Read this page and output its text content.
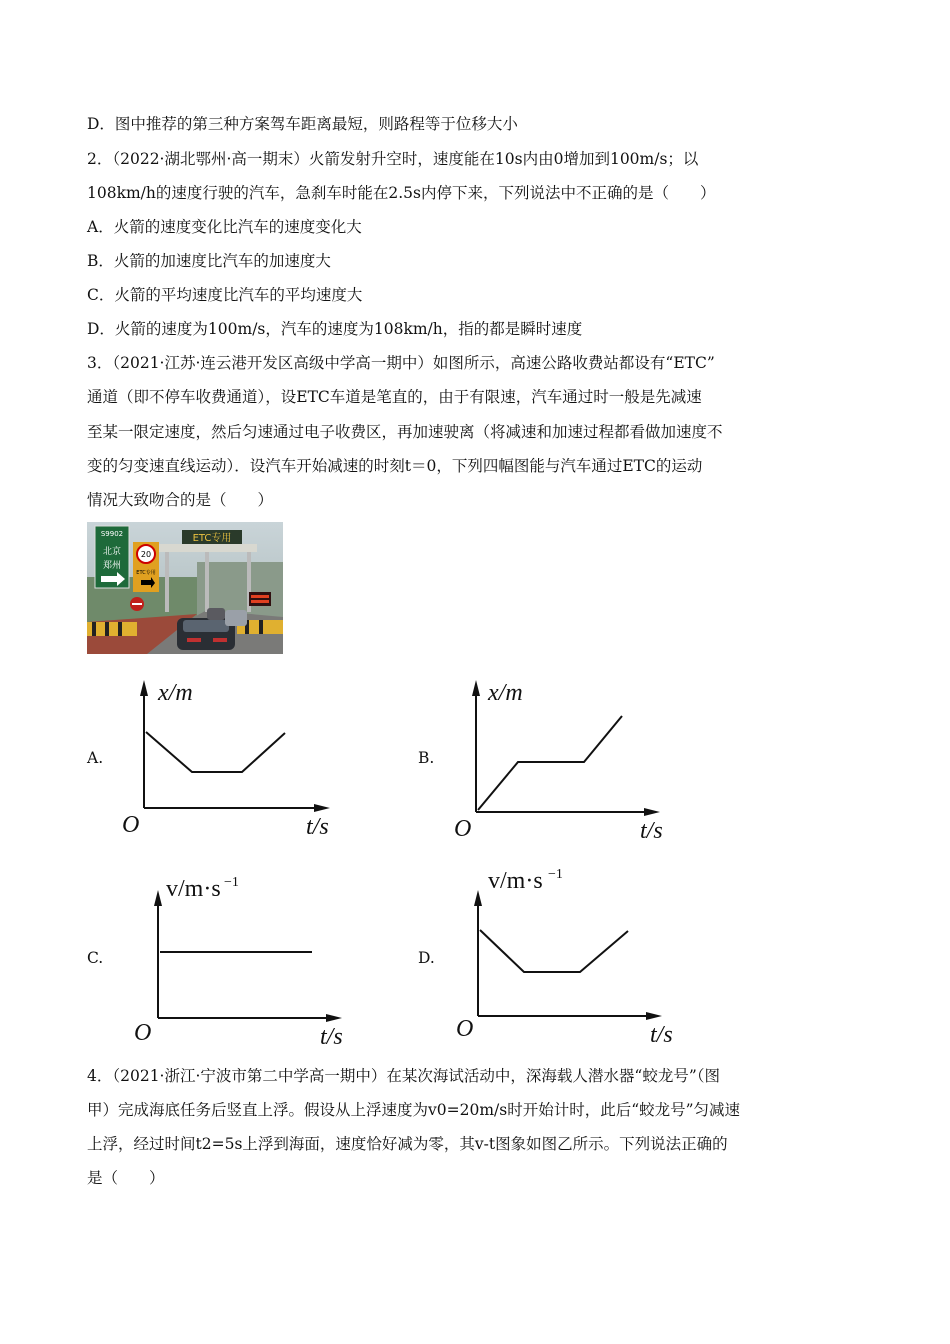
D．图中推荐的第三种方案驾车距离最短，则路程等于位移大小
2．（2022·湖北鄂州·高一期末）火箭发射升空时，速度能在10s内由0增加到100m/s；以
108km/h的速度行驶的汽车，急刹车时能在2.5s内停下来，下列说法中不正确的是（　　）
A．火箭的速度变化比汽车的速度变化大
B．火箭的加速度比汽车的加速度大
C．火箭的平均速度比汽车的平均速度大
D．火箭的速度为100m/s，汽车的速度为108km/h，指的都是瞬时速度
3．（2021·江苏·连云港开发区高级中学高一期中）如图所示，高速公路收费站都设有“ETC”
通道（即不停车收费通道），设ETC车道是笔直的，由于有限速，汽车通过时一般是先减速
至某一限定速度，然后匀速通过电子收费区，再加速驶离（将减速和加速过程都看做加速度不
变的匀变速直线运动）．设汽车开始减速的时刻t＝0，下列四幅图能与汽车通过ETC的运动
情况大致吻合的是（　　）
ETC专用
S9902
北京
郑州
20
ETC专用
A.	B.
C.	D.
x/m
t/s
O
x/m
t/s
O
v/m·s −1
t/s
O
v/m·s −1
t/s
O
4．（2021·浙江·宁波市第二中学高一期中）在某次海试活动中，深海载人潜水器“蛟龙号”（图
甲）完成海底任务后竖直上浮。假设从上浮速度为v0=20m/s时开始计时，此后“蛟龙号”匀减速
上浮，经过时间t2=5s上浮到海面，速度恰好减为零，其v-t图象如图乙所示。下列说法正确的
是（　　）
